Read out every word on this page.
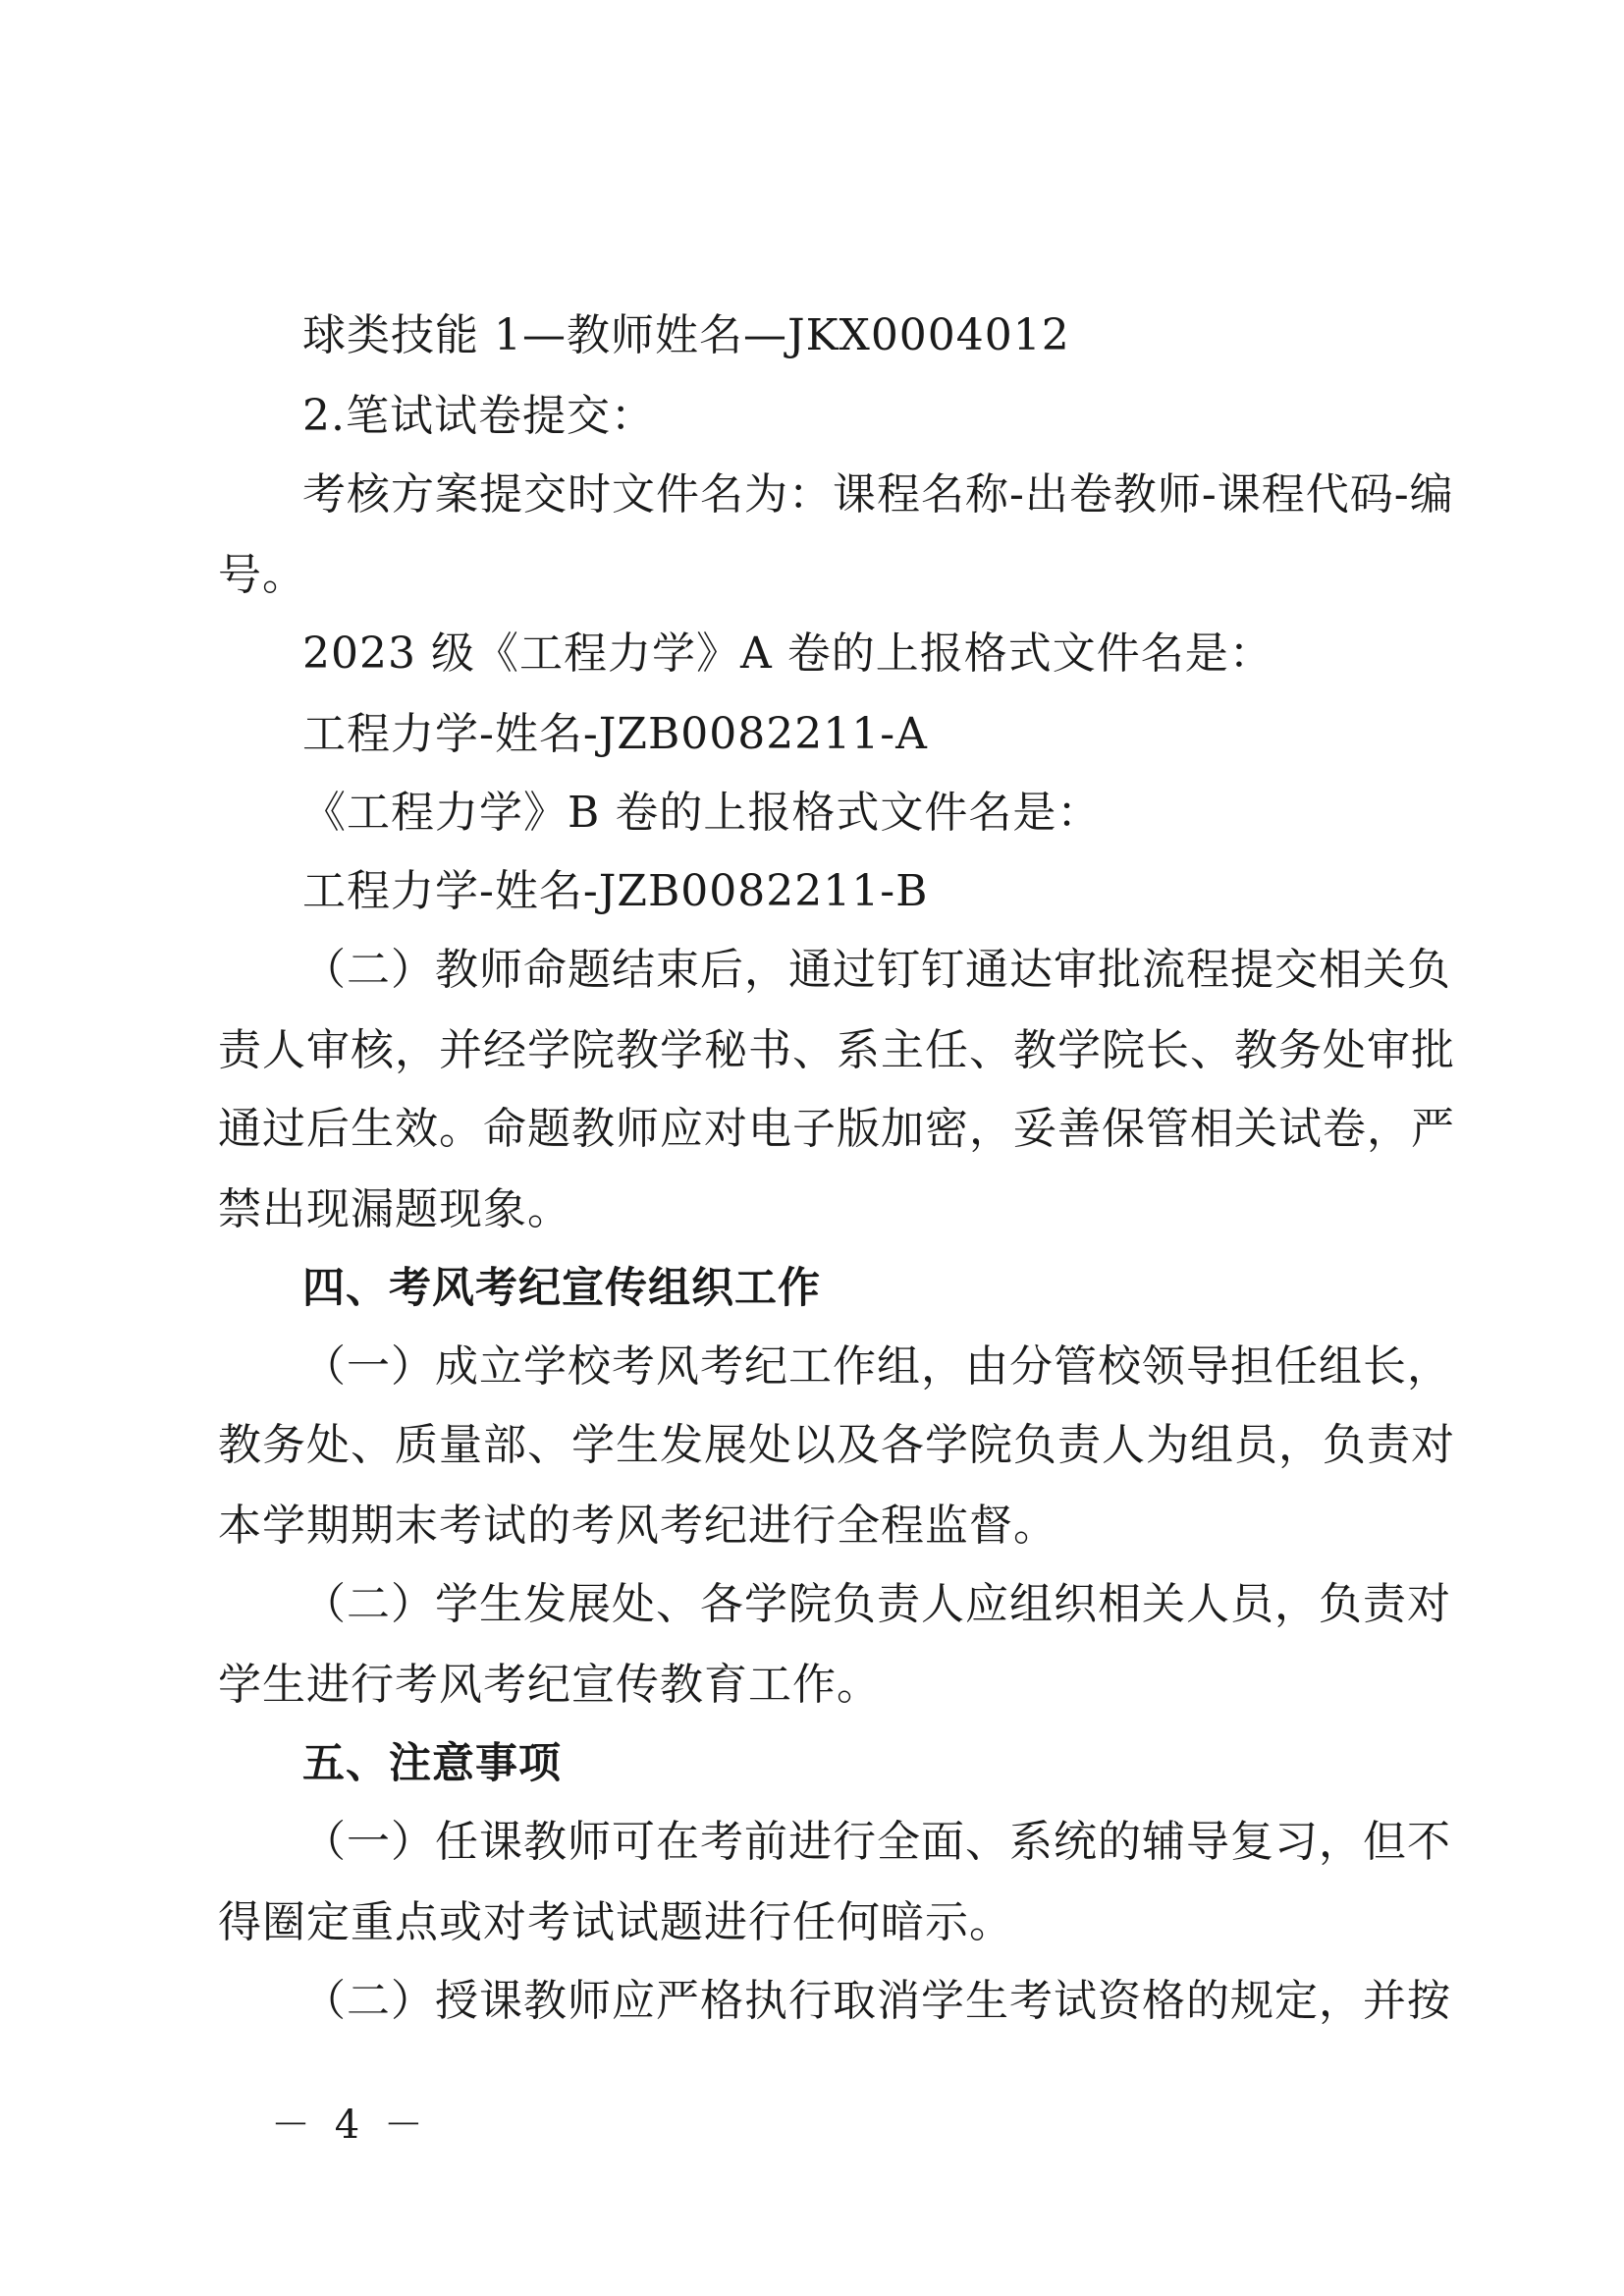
球类技能 1—教师姓名—JKX0004012

2.笔试试卷提交：

考核方案提交时文件名为：课程名称-出卷教师-课程代码-编

号。

2023 级《工程力学》A 卷的上报格式文件名是：

工程力学-姓名-JZB0082211-A

《工程力学》B 卷的上报格式文件名是：

工程力学-姓名-JZB0082211-B

（二）教师命题结束后，通过钉钉通达审批流程提交相关负

责人审核，并经学院教学秘书、系主任、教学院长、教务处审批

通过后生效。命题教师应对电子版加密，妥善保管相关试卷，严

禁出现漏题现象。

四、考风考纪宣传组织工作

（一）成立学校考风考纪工作组，由分管校领导担任组长，

教务处、质量部、学生发展处以及各学院负责人为组员，负责对

本学期期末考试的考风考纪进行全程监督。

（二）学生发展处、各学院负责人应组织相关人员，负责对

学生进行考风考纪宣传教育工作。

五、注意事项

（一）任课教师可在考前进行全面、系统的辅导复习，但不

得圈定重点或对考试试题进行任何暗示。

（二）授课教师应严格执行取消学生考试资格的规定，并按

－ 4 －
